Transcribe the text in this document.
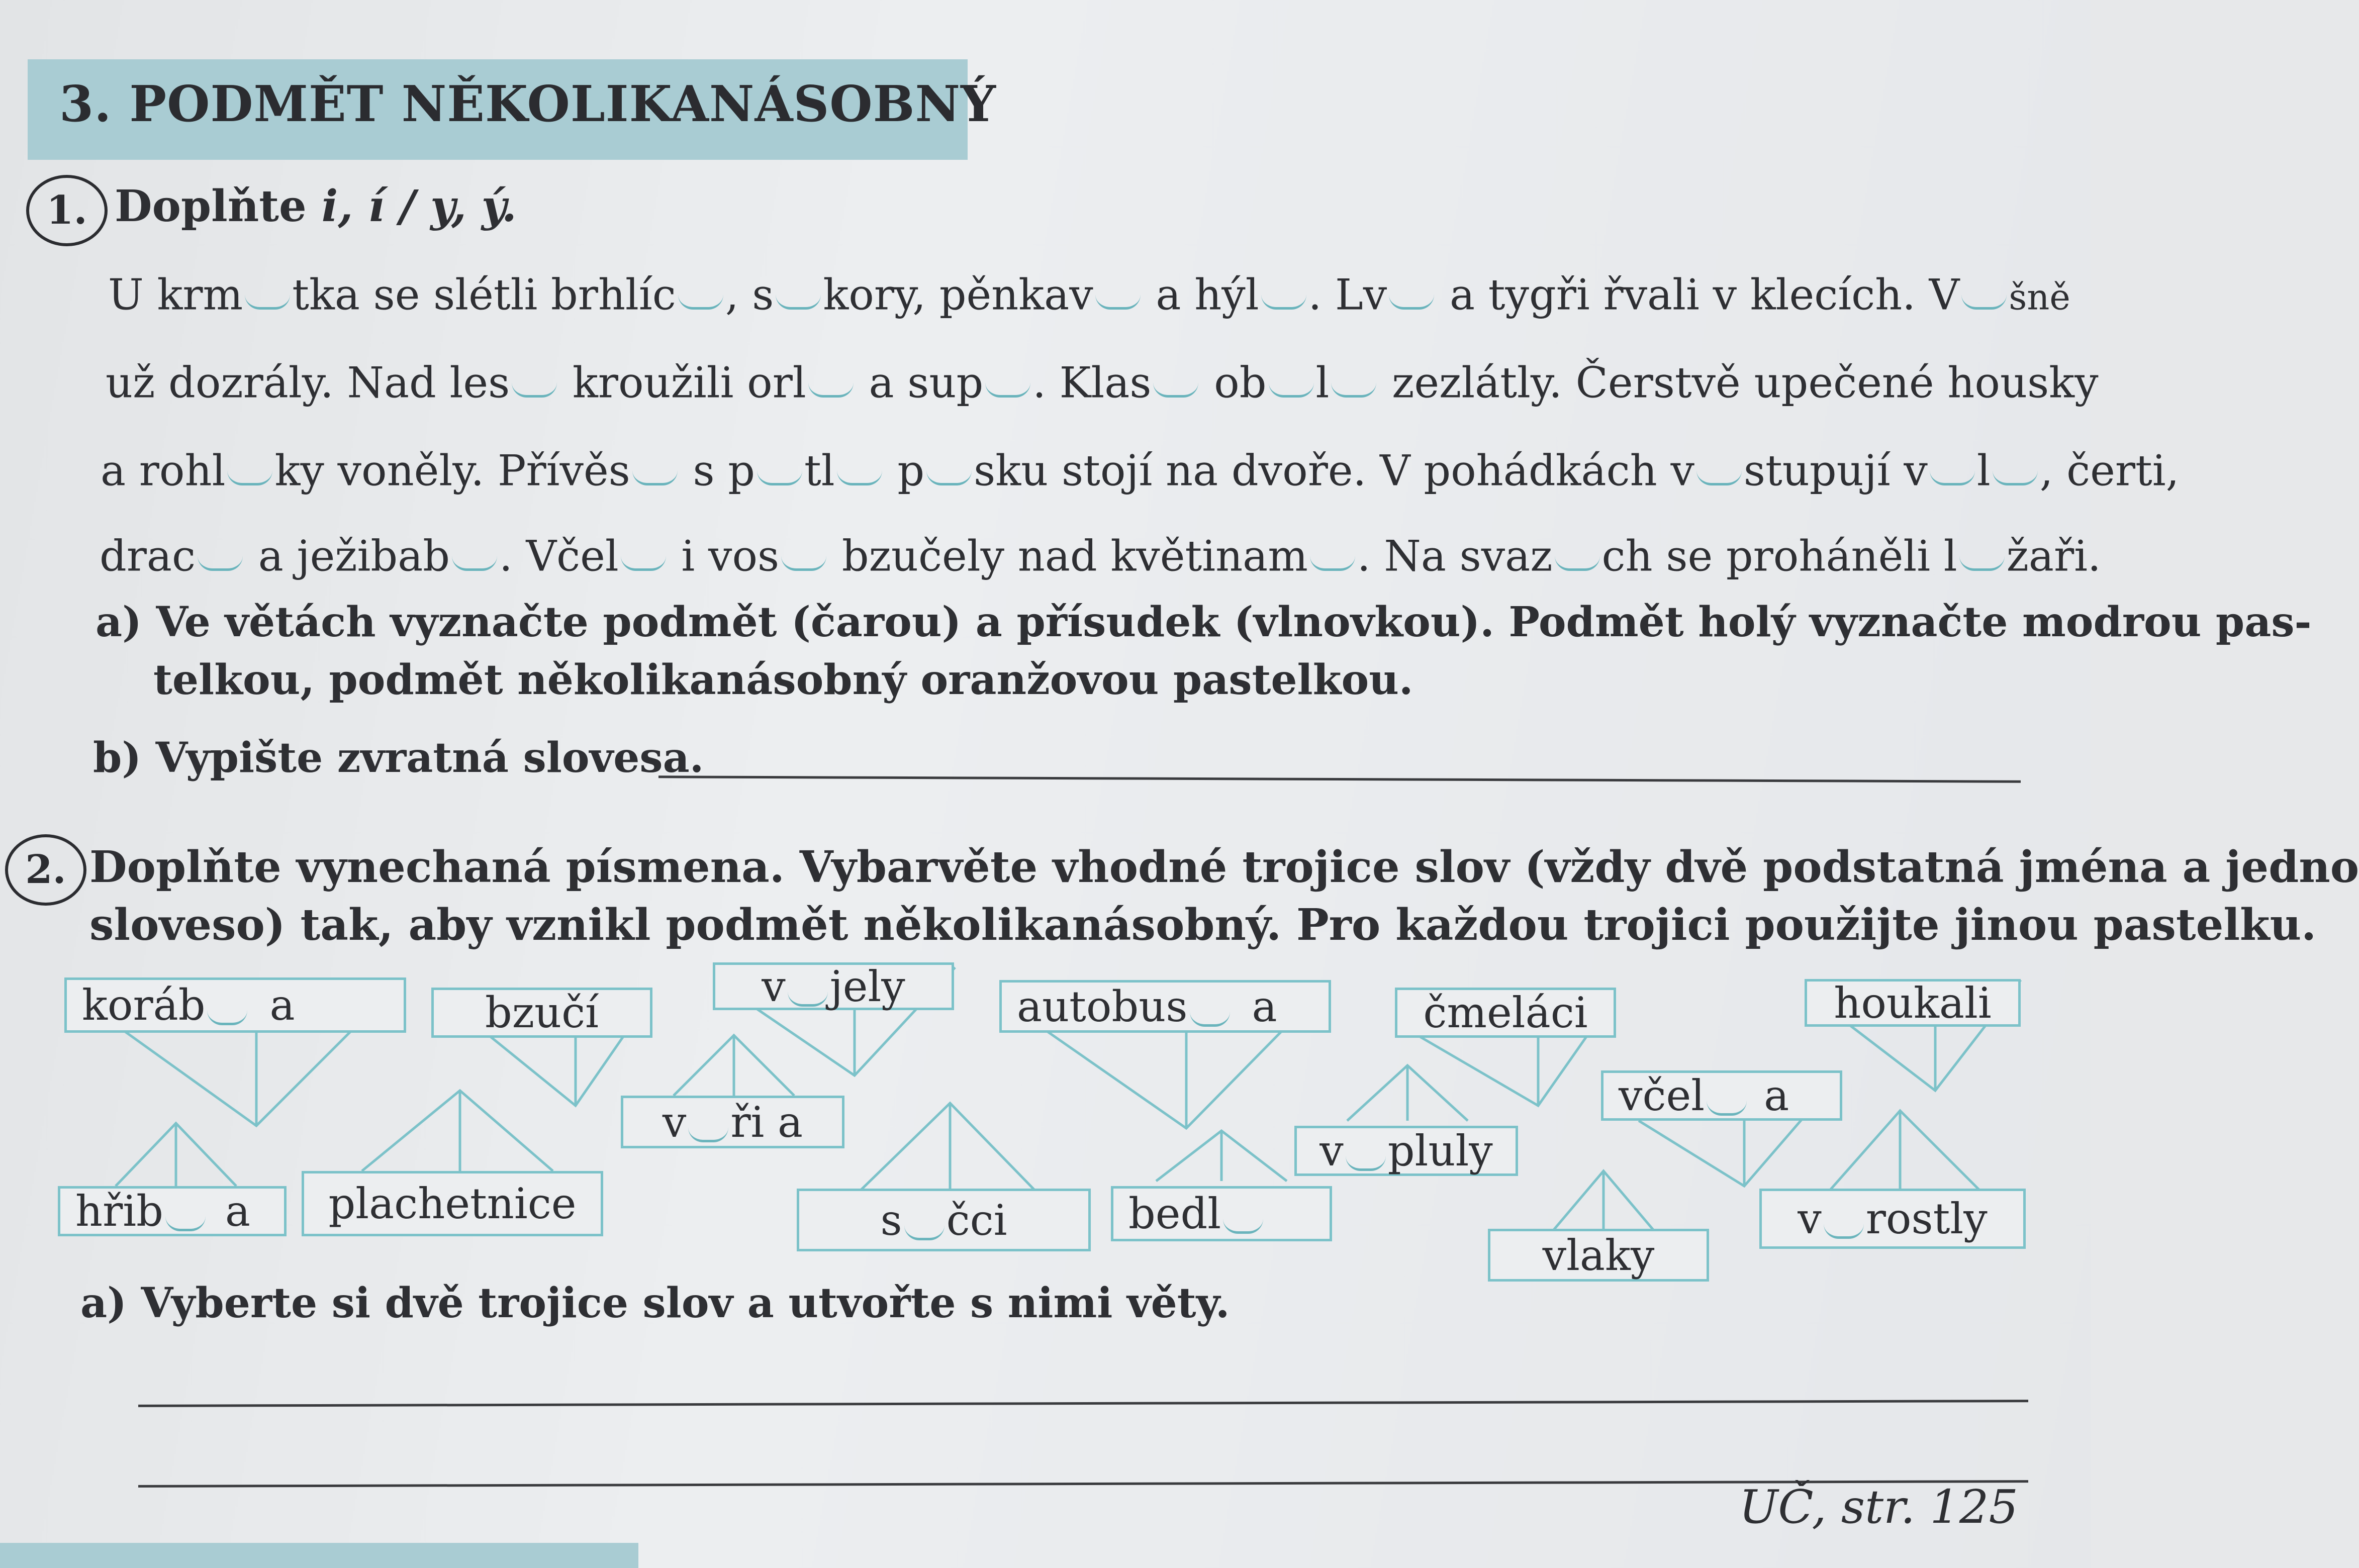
3. PODMĚT NĚKOLIKANÁSOBNÝ
1. Doplňte i, í / y, ý.
U krm tka se slétli brhlíc , s kory, pěnkav a hýl . Lv a tygři řvali v klecích. V šně
už dozrály. Nad les kroužili orl a sup . Klas ob l zezlátly. Čerstvě upečené housky
a rohl ky voněly. Přívěs s p tl p sku stojí na dvoře. V pohádkách v stupují v l , čerti,
drac a ježibab . Včel i vos bzučely nad květinam . Na svaz ch se proháněli l žaři.
a) Ve větách vyznačte podmět (čarou) a přísudek (vlnovkou). Podmět holý vyznačte modrou pas-
telkou, podmět několikanásobný oranžovou pastelkou.
b) Vypište zvratná slovesa.
2. Doplňte vynechaná písmena. Vybarvěte vhodné trojice slov (vždy dvě podstatná jména a jedno
sloveso) tak, aby vznikl podmět několikanásobný. Pro každou trojici použijte jinou pastelku.
koráb a	bzučí
v jely	autobus a	čmeláci	houkali
v ři a
včel a
v pluly
hřib a plachetnice	s čci	bedl
vlaky
v rostly
a) Vyberte si dvě trojice slov a utvořte s nimi věty.
UČ, str. 125
